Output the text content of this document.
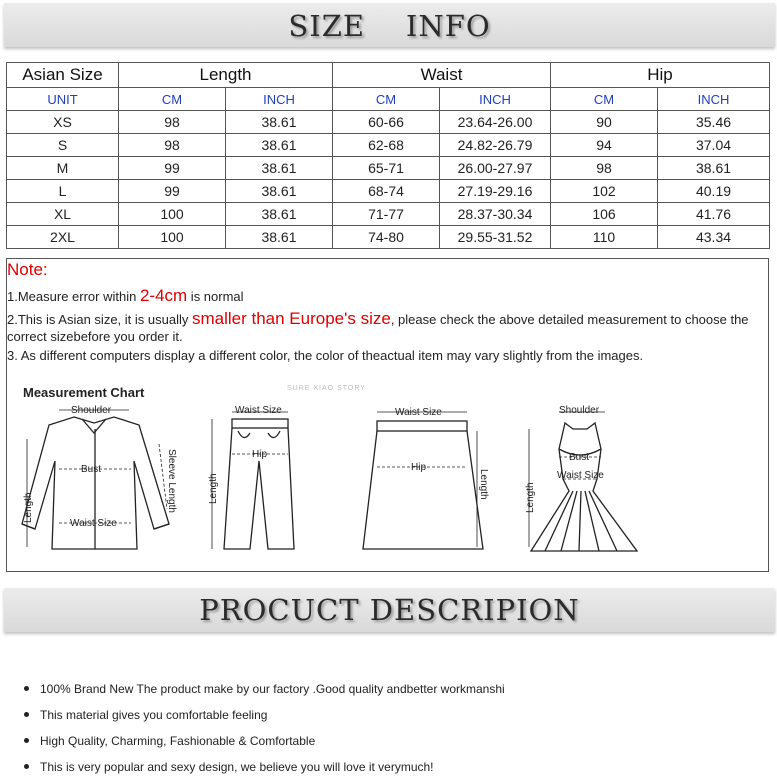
SIZE    INFO
Asian Size	Length		Waist		Hip	
UNIT	CM	INCH	CM	INCH	CM	INCH
XS	98	38.61	60-66	23.64-26.00	90	35.46
S	98	38.61	62-68	24.82-26.79	94	37.04
M	99	38.61	65-71	26.00-27.97	98	38.61
L	99	38.61	68-74	27.19-29.16	102	40.19
XL	100	38.61	71-77	28.37-30.34	106	41.76
2XL	100	38.61	74-80	29.55-31.52	110	43.34
Note:
1.Measure error within 2-4cm is normal
2.This is Asian size, it is usually smaller than Europe's size, please check the above detailed measurement to choose the correct sizebefore you order it.
3. As different computers display a different color, the color of theactual item may vary slightly from the images.
Measurement Chart	SURE XIAO STORY
Shoulder
Bust
Waist Size
Length	Sleeve Length
Waist Size
Hip
Length
Waist Size
Hip
Length
Shoulder
Bust
Waist Size
Length
PROCUCT DESCRIPION
100% Brand New The product make by our factory .Good quality andbetter workmanshi
This material gives you comfortable feeling
High Quality, Charming, Fashionable & Comfortable
This is very popular and sexy design, we believe you will love it verymuch!
